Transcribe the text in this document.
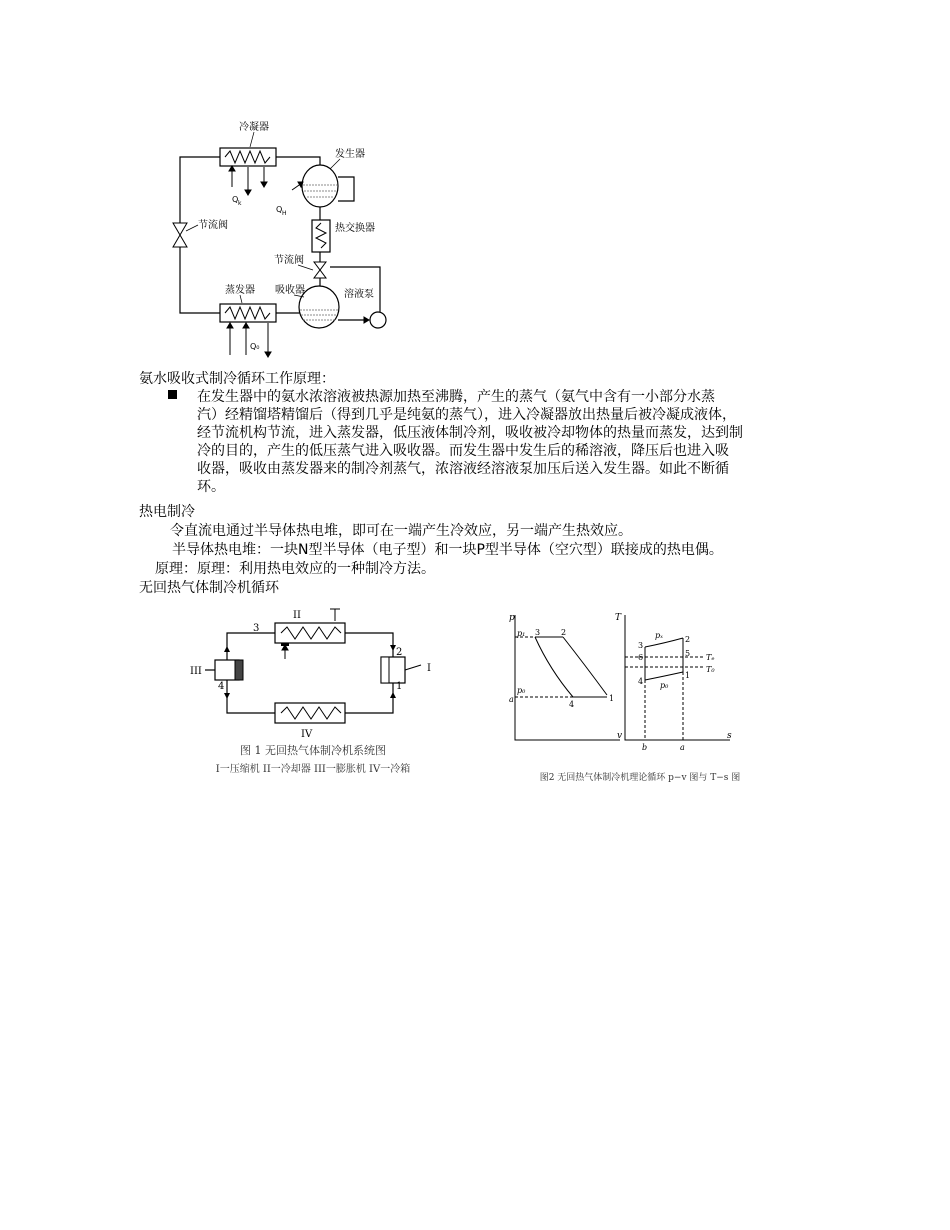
冷凝器
Q k
发生器
Q H
热交换器
节流阀
节流阀
蒸发器
Q₀
吸收器	溶液泵
氨水吸收式制冷循环工作原理：
在发生器中的氨水浓溶液被热源加热至沸腾，产生的蒸气（氨气中含有一小部分水蒸
汽）经精馏塔精馏后（得到几乎是纯氨的蒸气），进入冷凝器放出热量后被冷凝成液体，
经节流机构节流，进入蒸发器，低压液体制冷剂，吸收被冷却物体的热量而蒸发，达到制
冷的目的，产生的低压蒸气进入吸收器。而发生器中发生后的稀溶液，降压后也进入吸
收器，吸收由蒸发器来的制冷剂蒸气，浓溶液经溶液泵加压后送入发生器。如此不断循
环。
热电制冷
令直流电通过半导体热电堆，即可在一端产生冷效应，另一端产生热效应。
半导体热电堆：一块N型半导体（电子型）和一块P型半导体（空穴型）联接成的热电偶。
原理：原理：利用热电效应的一种制冷方法。
无回热气体制冷机循环
II
IV
III	I
3
2
1
4
图 1 无回热气体制冷机系统图
I一压缩机 II一冷却器 III一膨胀机 IV一冷箱
p
v
p₁
p₀
a
3	2
4
1
T
s
pₓ
p₀
Tₑ
T₀
3
6
4
2
5
1
b	a
图2 无回热气体制冷机理论循环 p−v 图与 T−s 图
